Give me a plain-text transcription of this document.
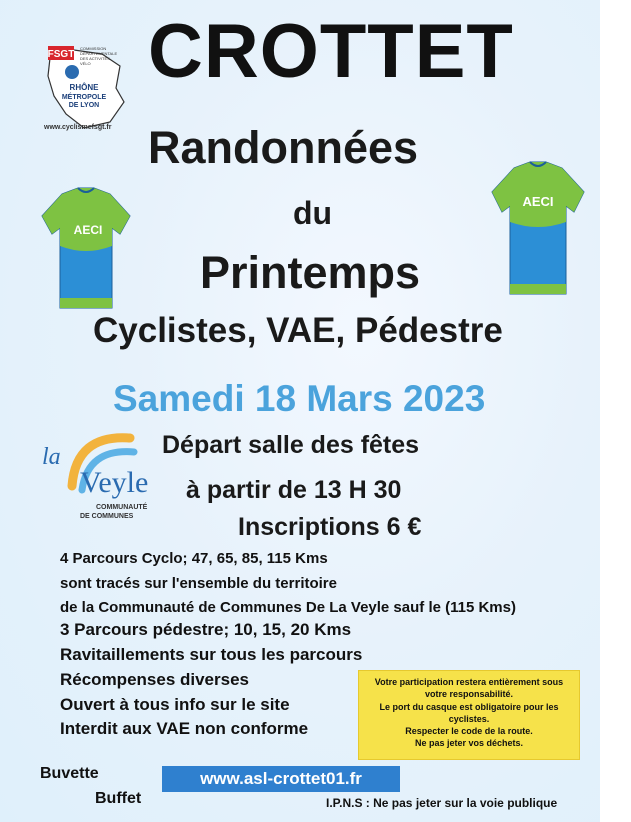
FSGT
COMMISSION
DÉPARTEMENTALE
DES ACTIVITÉS
VÉLO
RHÔNE
MÉTROPOLE
DE LYON
www.cyclismefsgt.fr
CROTTET
Randonnées
du
Printemps
Cyclistes, VAE, Pédestre
AECI
AECI
Samedi 18 Mars 2023
la
Veyle
COMMUNAUTÉ
DE COMMUNES
Départ salle des fêtes
à partir de 13 H 30
Inscriptions 6 €
4 Parcours Cyclo; 47, 65, 85, 115 Kms
sont tracés sur l'ensemble du territoire
de la Communauté de Communes De La Veyle sauf le (115 Kms)
3 Parcours pédestre; 10, 15, 20 Kms
Ravitaillements sur tous les parcours
Récompenses diverses
Ouvert à tous info sur le site
Interdit aux VAE non conforme
Votre participation restera entièrement sous
votre responsabilité.
Le port du casque est obligatoire pour les
cyclistes.
Respecter le code de la route.
Ne pas jeter vos déchets.
Buvette
Buffet
www.asl-crottet01.fr
I.P.N.S : Ne pas jeter sur la voie publique
